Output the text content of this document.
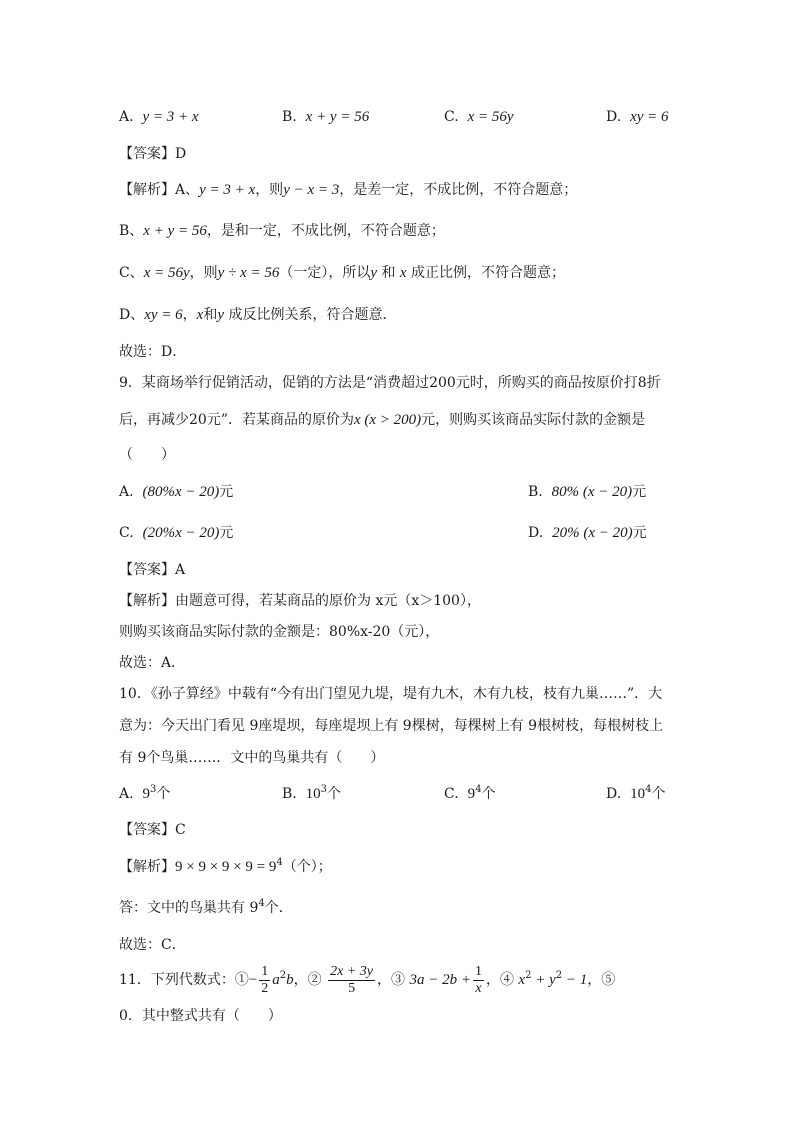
A. y = 3 + x	B. x + y = 56	C. x = 56y	D. xy = 6
【答案】D
【解析】A、y = 3 + x，则y − x = 3，是差一定，不成比例，不符合题意；
B、x + y = 56，是和一定，不成比例，不符合题意；
C、x = 56y，则y ÷ x = 56（一定），所以y 和 x 成正比例，不符合题意；
D、xy = 6，x和y 成反比例关系，符合题意．
故选：D．
9．某商场举行促销活动，促销的方法是“消费超过200元时，所购买的商品按原价打8折
后，再减少20元”．若某商品的原价为x (x > 200)元，则购买该商品实际付款的金额是
（　　）
A. (80%x − 20)元	B. 80% (x − 20)元
C. (20%x − 20)元	D. 20% (x − 20)元
【答案】A
【解析】由题意可得，若某商品的原价为 x元（x＞100），
则购买该商品实际付款的金额是：80%x-20（元），
故选：A．
10．《孙子算经》中载有“今有出门望见九堤，堤有九木，木有九枝，枝有九巢……”．大
意为：今天出门看见 9座堤坝，每座堤坝上有 9棵树，每棵树上有 9根树枝，每根树枝上
有 9个鸟巢……．文中的鸟巢共有（　　）
A. $9^3$个	B. $10^3$个	C. $9^4$个	D. $10^4$个
【答案】C
【解析】$9 \times 9 \times 9 \times 9 = 9^4$（个）；
答：文中的鸟巢共有 $9^4$个．
故选：C．
11．下列代数式：①− $\frac{1}{2} a^2b$，② $\frac{2x + 3y}{5}$ ，③ $3a - 2b + \frac{1}{x}$ ，④ $x^2 + y^2 - 1$，⑤
0．其中整式共有（　　）
